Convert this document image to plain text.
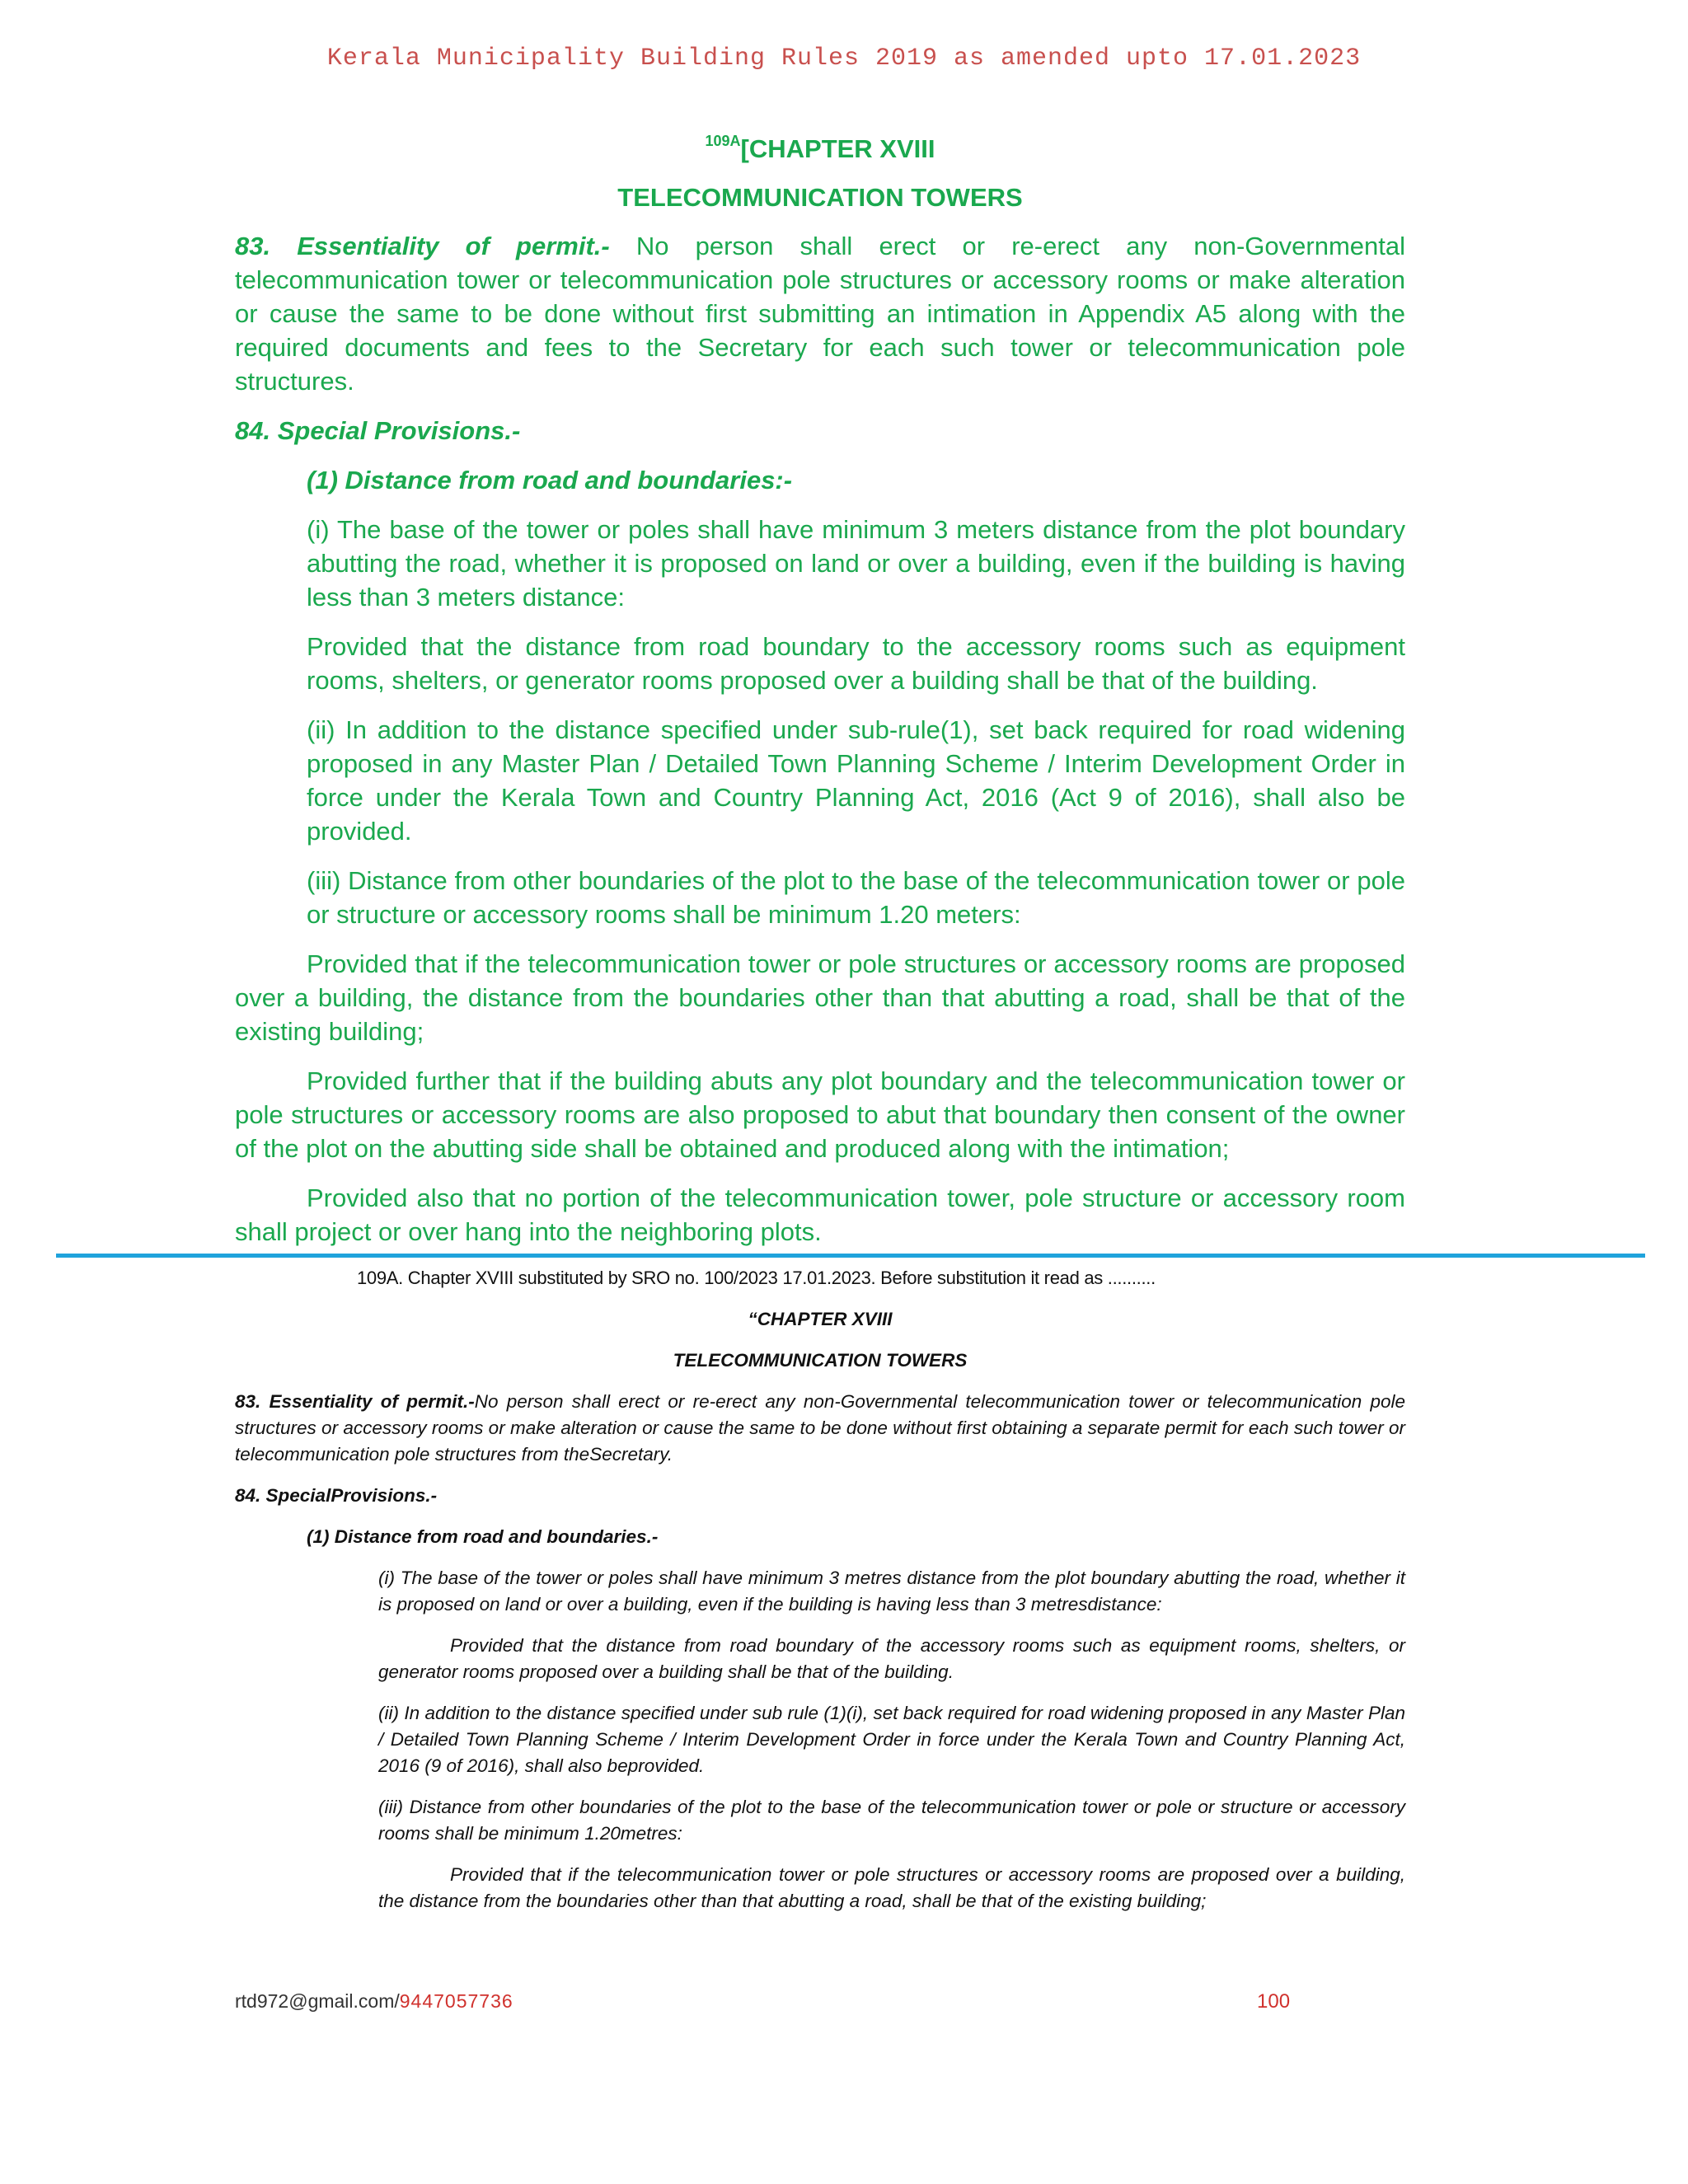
Kerala Municipality Building Rules 2019 as amended upto 17.01.2023
$^{109A}$[CHAPTER XVIII
TELECOMMUNICATION TOWERS
83. Essentiality of permit.- No person shall erect or re-erect any non-Governmental telecommunication tower or telecommunication pole structures or accessory rooms or make alteration or cause the same to be done without first submitting an intimation in Appendix A5 along with the required documents and fees to the Secretary for each such tower or telecommunication pole structures.
84. Special Provisions.-
(1) Distance from road and boundaries:-
(i) The base of the tower or poles shall have minimum 3 meters distance from the plot boundary abutting the road, whether it is proposed on land or over a building, even if the building is having less than 3 meters distance:
Provided that the distance from road boundary to the accessory rooms such as equipment rooms, shelters, or generator rooms proposed over a building shall be that of the building.
(ii) In addition to the distance specified under sub-rule(1), set back required for road widening proposed in any Master Plan / Detailed Town Planning Scheme / Interim Development Order in force under the Kerala Town and Country Planning Act, 2016 (Act 9 of 2016), shall also be provided.
(iii) Distance from other boundaries of the plot to the base of the telecommunication tower or pole or structure or accessory rooms shall be minimum 1.20 meters:
Provided that if the telecommunication tower or pole structures or accessory rooms are proposed over a building, the distance from the boundaries other than that abutting a road, shall be that of the existing building;
Provided further that if the building abuts any plot boundary and the telecommunication tower or pole structures or accessory rooms are also proposed to abut that boundary then consent of the owner of the plot on the abutting side shall be obtained and produced along with the intimation;
Provided also that no portion of the telecommunication tower, pole structure or accessory room shall project or over hang into the neighboring plots.
109A. Chapter XVIII substituted by SRO no. 100/2023 17.01.2023. Before substitution it read as ..........
“CHAPTER XVIII
TELECOMMUNICATION TOWERS
83. Essentiality of permit.-No person shall erect or re-erect any non-Governmental telecommunication tower or telecommunication pole structures or accessory rooms or make alteration or cause the same to be done without first obtaining a separate permit for each such tower or telecommunication pole structures from theSecretary.
84. SpecialProvisions.-
(1) Distance from road and boundaries.-
(i) The base of the tower or poles shall have minimum 3 metres distance from the plot boundary abutting the road, whether it is proposed on land or over a building, even if the building is having less than 3 metresdistance:
Provided that the distance from road boundary of the accessory rooms such as equipment rooms, shelters, or generator rooms proposed over a building shall be that of the building.
(ii) In addition to the distance specified under sub rule (1)(i), set back required for road widening proposed in any Master Plan / Detailed Town Planning Scheme / Interim Development Order in force under the Kerala Town and Country Planning Act, 2016 (9 of 2016), shall also beprovided.
(iii) Distance from other boundaries of the plot to the base of the telecommunication tower or pole or structure or accessory rooms shall be minimum 1.20metres:
Provided that if the telecommunication tower or pole structures or accessory rooms are proposed over a building, the distance from the boundaries other than that abutting a road, shall be that of the existing building;
rtd972@gmail.com/9447057736	100
